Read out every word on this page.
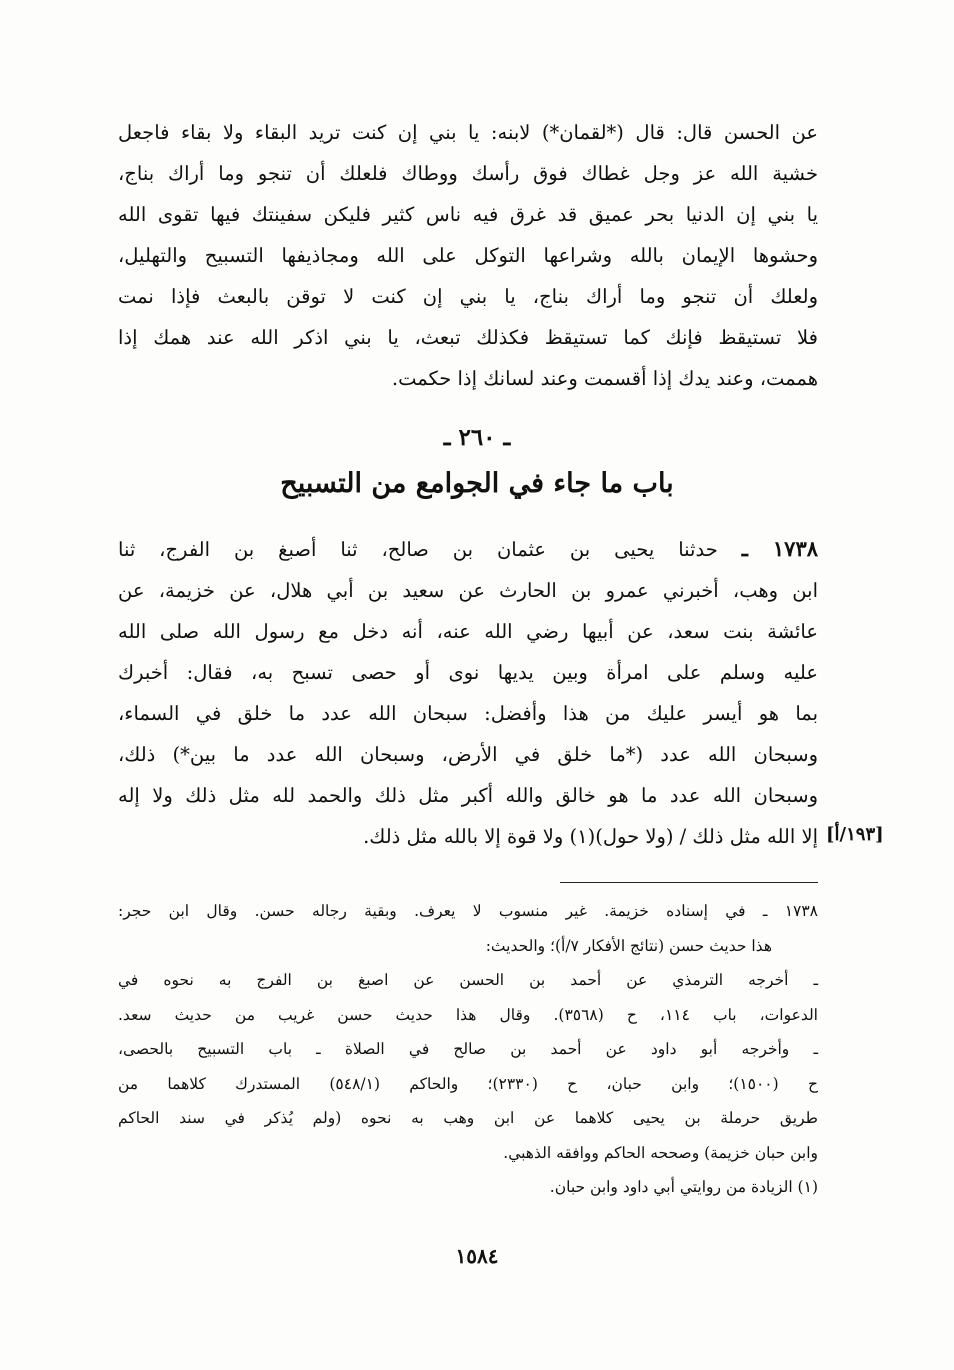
عن الحسن قال: قال (*لقمان*) لابنه: يا بني إن كنت تريد البقاء ولا بقاء فاجعل
خشية الله عز وجل غطاك فوق رأسك ووطاك فلعلك أن تنجو وما أراك بناج،
يا بني إن الدنيا بحر عميق قد غرق فيه ناس كثير فليكن سفينتك فيها تقوى الله
وحشوها الإيمان بالله وشراعها التوكل على الله ومجاذيفها التسبيح والتهليل،
ولعلك أن تنجو وما أراك بناج، يا بني إن كنت لا توقن بالبعث فإذا نمت
فلا تستيقظ فإنك كما تستيقظ فكذلك تبعث، يا بني اذكر الله عند همك إذا
هممت، وعند يدك إذا أقسمت وعند لسانك إذا حكمت.
ـ ٢٦٠ ـ
باب ما جاء في الجوامع من التسبيح
١٧٣٨ ـ حدثنا يحيى بن عثمان بن صالح، ثنا أصبغ بن الفرج، ثنا
ابن وهب، أخبرني عمرو بن الحارث عن سعيد بن أبي هلال، عن خزيمة، عن
عائشة بنت سعد، عن أبيها رضي الله عنه، أنه دخل مع رسول الله صلى الله
عليه وسلم على امرأة وبين يديها نوى أو حصى تسبح به، فقال: أخبرك
بما هو أيسر عليك من هذا وأفضل: سبحان الله عدد ما خلق في السماء،
وسبحان الله عدد (*ما خلق في الأرض، وسبحان الله عدد ما بين*) ذلك،
وسبحان الله عدد ما هو خالق والله أكبر مثل ذلك والحمد لله مثل ذلك ولا إله
إلا الله مثل ذلك / (ولا حول)(١) ولا قوة إلا بالله مثل ذلك. [١٩٣/أ]
١٧٣٨ ـ في إسناده خزيمة. غير منسوب لا يعرف. وبقية رجاله حسن. وقال ابن حجر:
هذا حديث حسن (نتائج الأفكار ٧/أ)؛ والحديث:
ـ أخرجه الترمذي عن أحمد بن الحسن عن اصبغ بن الفرج به نحوه في
الدعوات، باب ١١٤، ح (٣٥٦٨). وقال هذا حديث حسن غريب من حديث سعد.
ـ وأخرجه أبو داود عن أحمد بن صالح في الصلاة ـ باب التسبيح بالحصى،
ح (١٥٠٠)؛ وابن حبان، ح (٢٣٣٠)؛ والحاكم (٥٤٨/١) المستدرك كلاهما من
طريق حرملة بن يحيى كلاهما عن ابن وهب به نحوه (ولم يُذكر في سند الحاكم
وابن حبان خزيمة) وصححه الحاكم ووافقه الذهبي.
(١) الزيادة من روايتي أبي داود وابن حبان.
١٥٨٤
